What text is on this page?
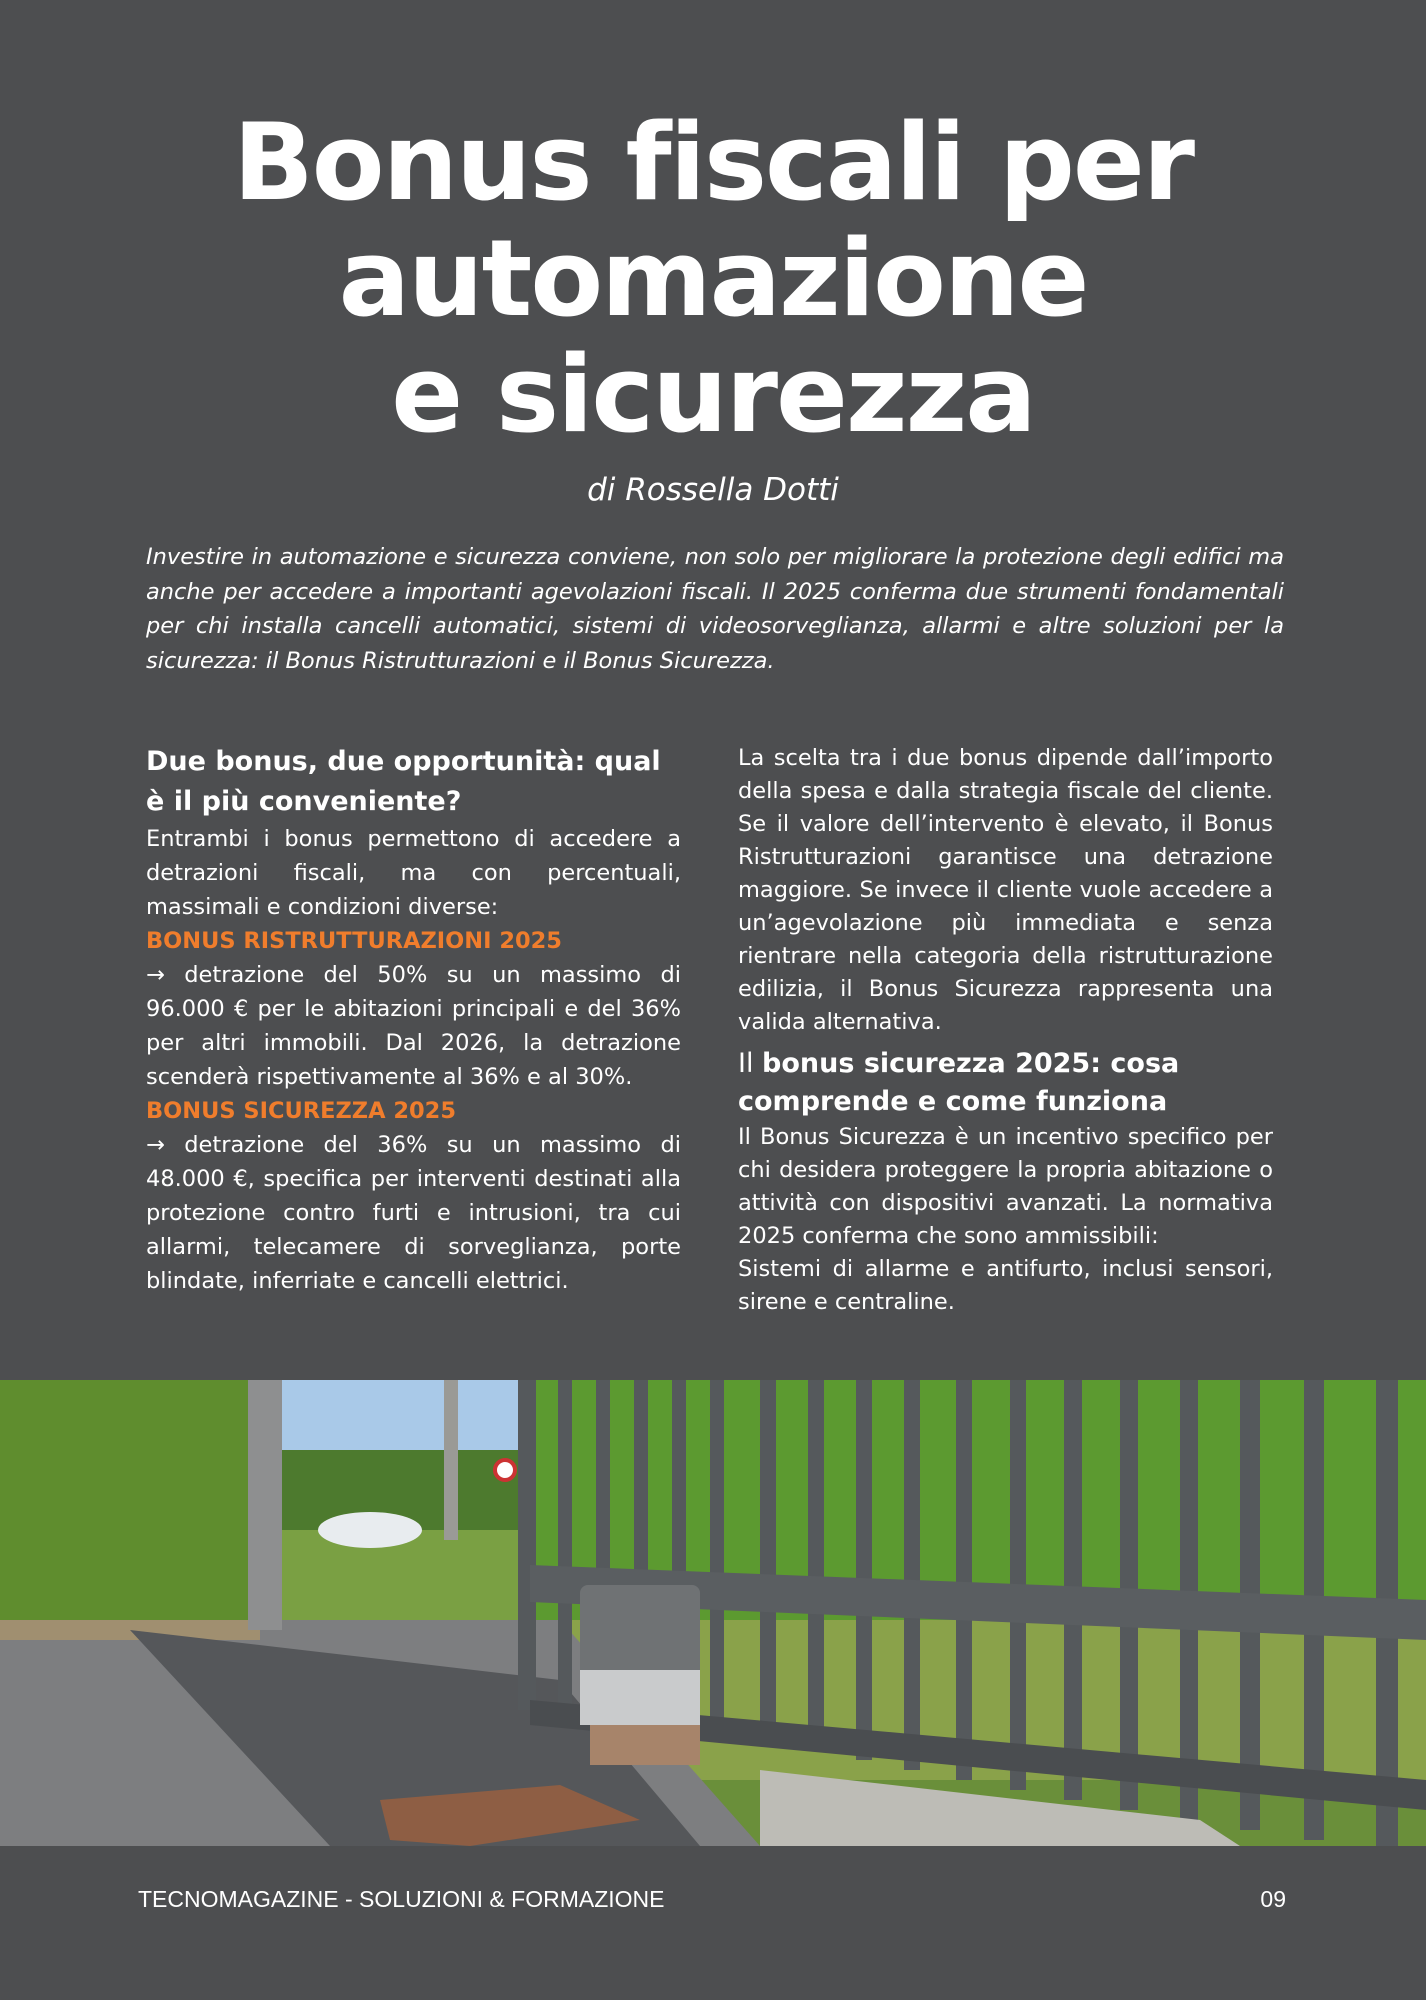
Bonus fiscali per
automazione
e sicurezza
di Rossella Dotti

Investire in automazione e sicurezza conviene, non solo per migliorare la protezione degli edifici ma anche per accedere a importanti agevolazioni fiscali. Il 2025 conferma due strumenti fondamentali per chi installa cancelli automatici, sistemi di videosorveglianza, allarmi e altre soluzioni per la sicurezza: il Bonus Ristrutturazioni e il Bonus Sicurezza.

Due bonus, due opportunità: qual è il più conveniente?

Entrambi i bonus permettono di accedere a detrazioni fiscali, ma con percentuali, massimali e condizioni diverse:

BONUS RISTRUTTURAZIONI 2025

→ detrazione del 50% su un massimo di 96.000 € per le abitazioni principali e del 36% per altri immobili. Dal 2026, la detrazione scenderà rispettivamente al 36% e al 30%.

BONUS SICUREZZA 2025

→ detrazione del 36% su un massimo di 48.000 €, specifica per interventi destinati alla protezione contro furti e intrusioni, tra cui allarmi, telecamere di sorveglianza, porte blindate, inferriate e cancelli elettrici.

La scelta tra i due bonus dipende dall’importo della spesa e dalla strategia fiscale del cliente. Se il valore dell’intervento è elevato, il Bonus Ristrutturazioni garantisce una detrazione maggiore. Se invece il cliente vuole accedere a un’agevolazione più immediata e senza rientrare nella categoria della ristrutturazione edilizia, il Bonus Sicurezza rappresenta una valida alternativa.

Il bonus sicurezza 2025: cosa comprende e come funziona

Il Bonus Sicurezza è un incentivo specifico per chi desidera proteggere la propria abitazione o attività con dispositivi avanzati. La normativa 2025 conferma che sono ammissibili:

Sistemi di allarme e antifurto, inclusi sensori, sirene e centraline.

TECNOMAGAZINE - SOLUZIONI & FORMAZIONE	09
